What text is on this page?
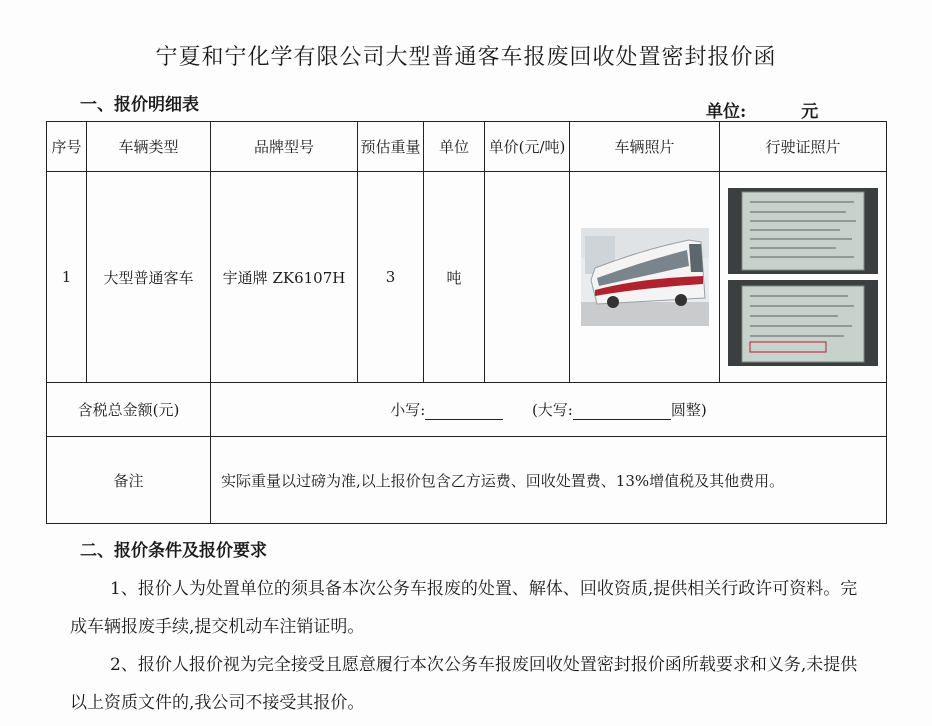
宁夏和宁化学有限公司大型普通客车报废回收处置密封报价函
一、报价明细表	单位:	元
序号	车辆类型	品牌型号	预估重量	单位	单价(元/吨)	车辆照片	行驶证照片
1	大型普通客车	宇通牌 ZK6107H	3	吨		

含税总金额(元)		小写: (大写: 圆整)					
备注		实际重量以过磅为准,以上报价包含乙方运费、回收处置费、13%增值税及其他费用。					
二、报价条件及报价要求
1、报价人为处置单位的须具备本次公务车报废的处置、解体、回收资质,提供相关行政许可资料。完成车辆报废手续,提交机动车注销证明。
2、报价人报价视为完全接受且愿意履行本次公务车报废回收处置密封报价函所载要求和义务,未提供以上资质文件的,我公司不接受其报价。
